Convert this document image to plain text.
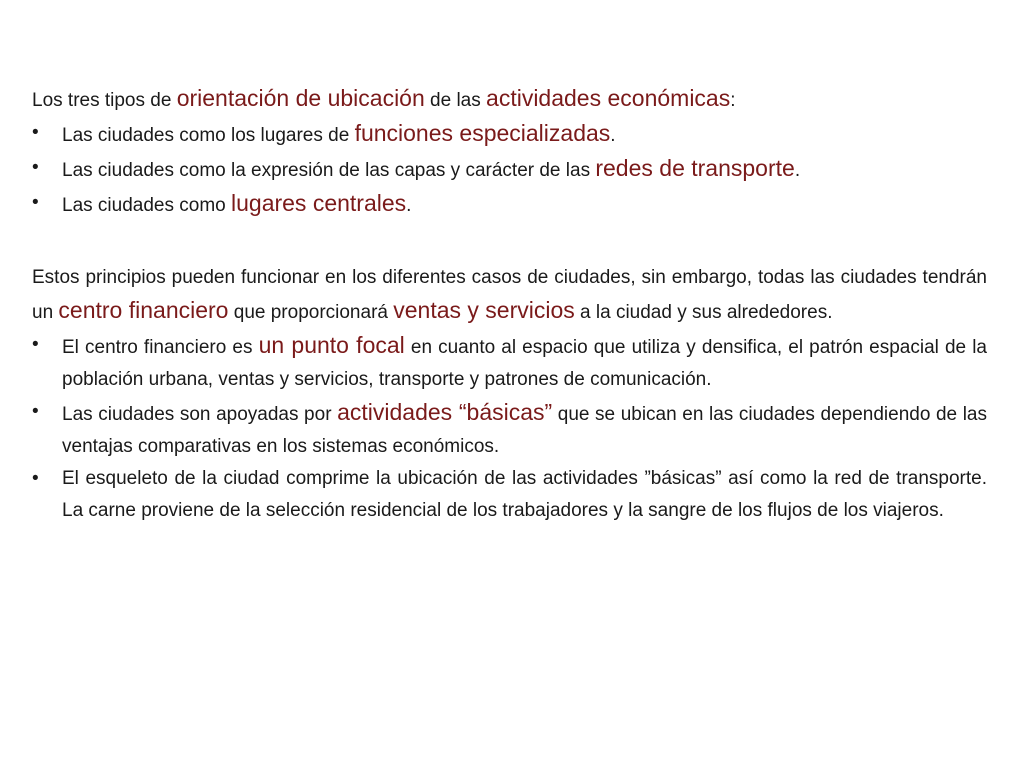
Los tres tipos de orientación de ubicación de las actividades económicas:
•	Las ciudades como los lugares de funciones especializadas.
•	Las ciudades como la expresión de las capas y carácter de las redes de transporte.
•	Las ciudades como lugares centrales.
Estos principios pueden funcionar en los diferentes casos de ciudades, sin embargo, todas las ciudades tendrán un centro financiero que proporcionará ventas y servicios a la ciudad y sus alrededores.
•	El centro financiero es un punto focal en cuanto al espacio que utiliza y densifica, el patrón espacial de la población urbana, ventas y servicios, transporte y patrones de comunicación.
•	Las ciudades son apoyadas por actividades “básicas” que se ubican en las ciudades dependiendo de las ventajas comparativas en los sistemas económicos.
•	El esqueleto de la ciudad comprime la ubicación de las actividades ”básicas” así como la red de transporte. La carne proviene de la selección residencial de los trabajadores y la sangre de los flujos de los viajeros.
